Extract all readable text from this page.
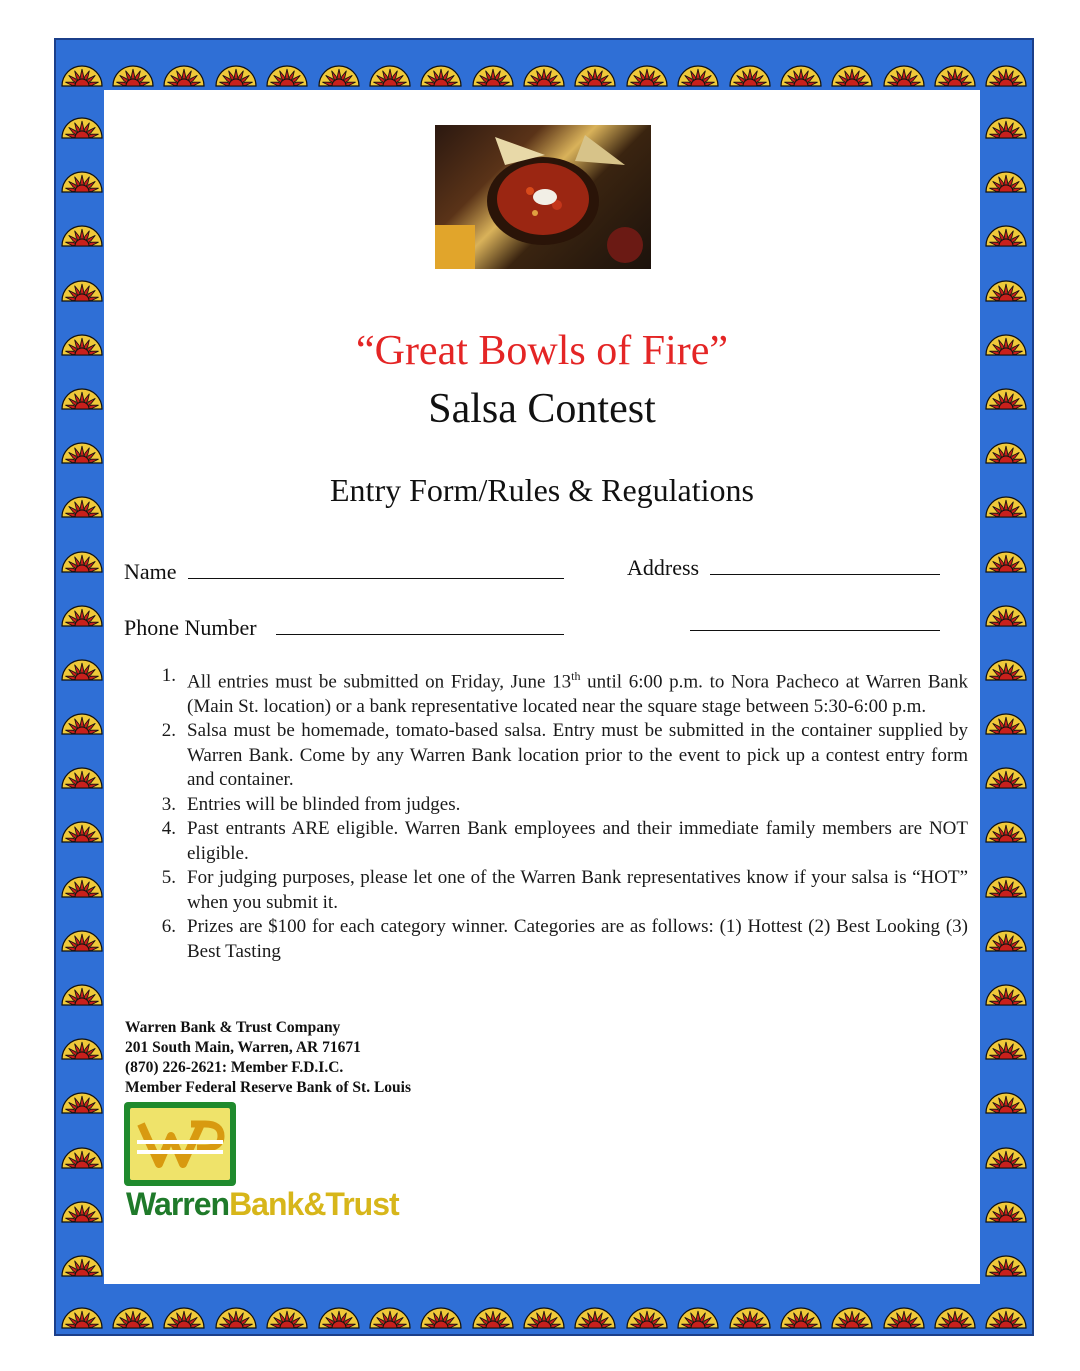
“Great Bowls of Fire”
Salsa Contest
Entry Form/Rules & Regulations
Name	Address
Phone Number
1. All entries must be submitted on Friday, June 13th until 6:00 p.m. to Nora Pacheco at Warren Bank (Main St. location) or a bank representative located near the square stage between 5:30-6:00 p.m.
2. Salsa must be homemade, tomato-based salsa. Entry must be submitted in the container supplied by Warren Bank. Come by any Warren Bank location prior to the event to pick up a contest entry form and container.
3. Entries will be blinded from judges.
4. Past entrants ARE eligible. Warren Bank employees and their immediate family members are NOT eligible.
5. For judging purposes, please let one of the Warren Bank representatives know if your salsa is “HOT” when you submit it.
6. Prizes are $100 for each category winner. Categories are as follows: (1) Hottest (2) Best Looking (3) Best Tasting
Warren Bank & Trust Company
201 South Main, Warren, AR 71671
(870) 226-2621: Member F.D.I.C.
Member Federal Reserve Bank of St. Louis
WarrenBank&Trust
